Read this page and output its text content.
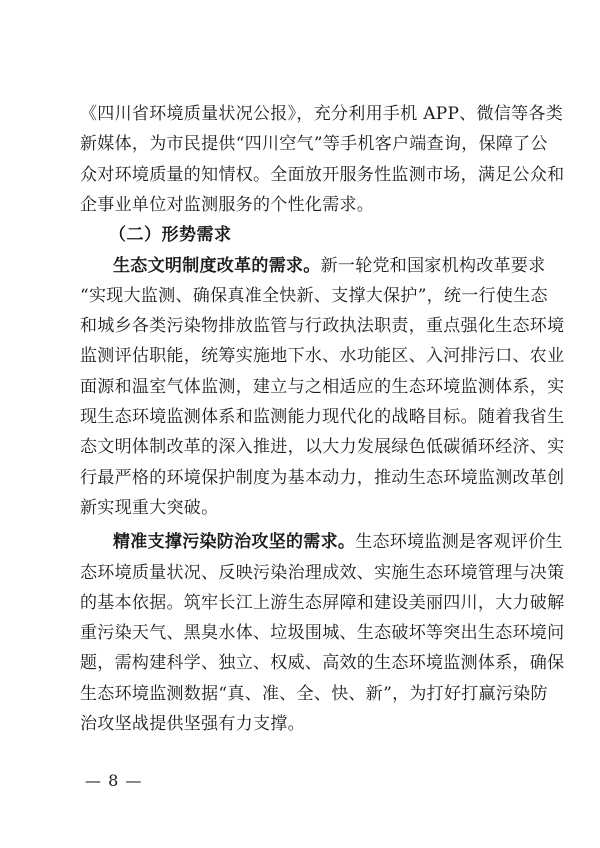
《四川省环境质量状况公报》，充分利用手机 APP、微信等各类
新媒体，为市民提供“四川空气”等手机客户端查询，保障了公
众对环境质量的知情权。全面放开服务性监测市场，满足公众和
企事业单位对监测服务的个性化需求。
（二）形势需求
生态文明制度改革的需求。新一轮党和国家机构改革要求
“实现大监测、确保真准全快新、支撑大保护”，统一行使生态
和城乡各类污染物排放监管与行政执法职责，重点强化生态环境
监测评估职能，统筹实施地下水、水功能区、入河排污口、农业
面源和温室气体监测，建立与之相适应的生态环境监测体系，实
现生态环境监测体系和监测能力现代化的战略目标。随着我省生
态文明体制改革的深入推进，以大力发展绿色低碳循环经济、实
行最严格的环境保护制度为基本动力，推动生态环境监测改革创
新实现重大突破。
精准支撑污染防治攻坚的需求。生态环境监测是客观评价生
态环境质量状况、反映污染治理成效、实施生态环境管理与决策
的基本依据。筑牢长江上游生态屏障和建设美丽四川，大力破解
重污染天气、黑臭水体、垃圾围城、生态破坏等突出生态环境问
题，需构建科学、独立、权威、高效的生态环境监测体系，确保
生态环境监测数据“真、准、全、快、新”，为打好打赢污染防
治攻坚战提供坚强有力支撑。
— 8 —
